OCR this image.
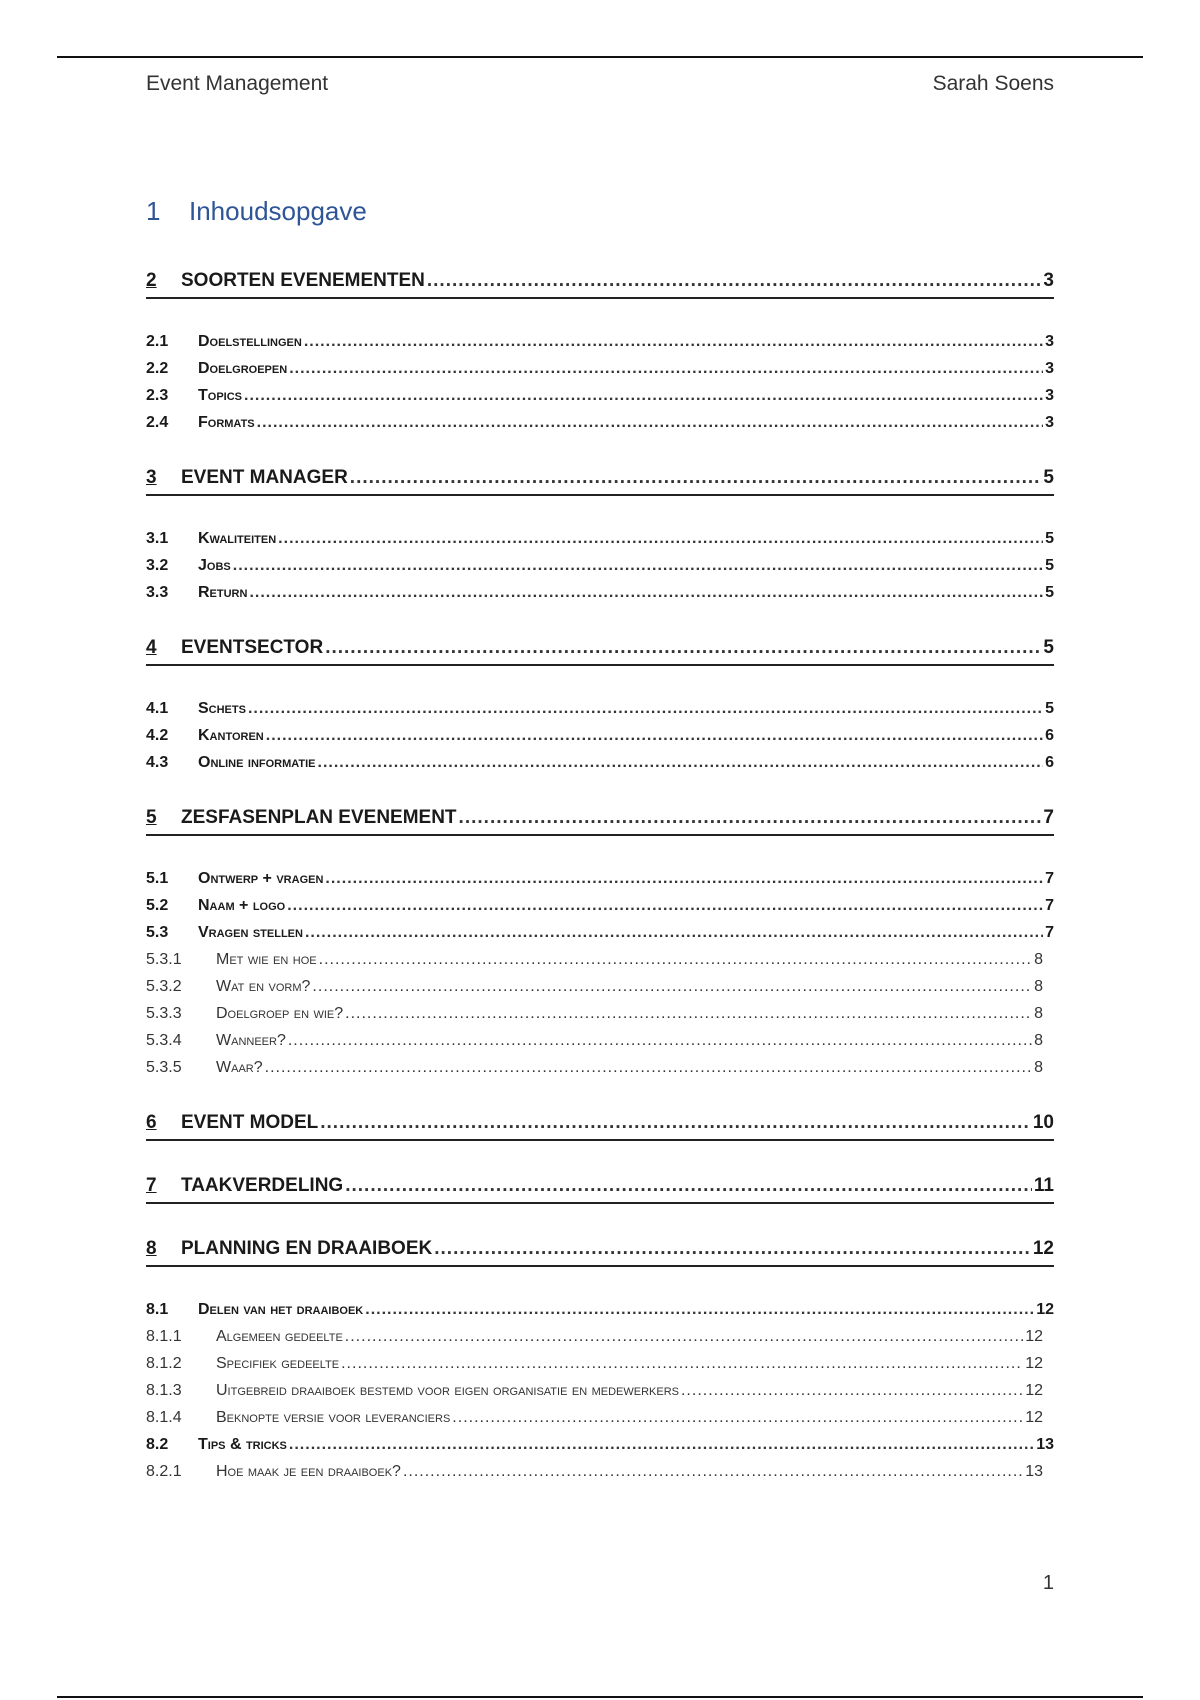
Event Management	Sarah Soens
1 Inhoudsopgave
2	SOORTEN EVENEMENTEN .....	3
2.1	Doelstellingen .....	3
2.2	Doelgroepen .....	3
2.3	Topics .....	3
2.4	Formats .....	3
3	EVENT MANAGER .....	5
3.1	Kwaliteiten .....	5
3.2	Jobs .....	5
3.3	Return .....	5
4	EVENTSECTOR .....	5
4.1	Schets .....	5
4.2	Kantoren .....	6
4.3	Online informatie .....	6
5	ZESFASENPLAN EVENEMENT .....	7
5.1	Ontwerp + vragen .....	7
5.2	Naam + logo .....	7
5.3	Vragen stellen .....	7
5.3.1	Met wie en hoe .....	8
5.3.2	Wat en vorm? .....	8
5.3.3	Doelgroep en wie? .....	8
5.3.4	Wanneer? .....	8
5.3.5	Waar? .....	8
6	EVENT MODEL .....	10
7	TAAKVERDELING .....	11
8	PLANNING EN DRAAIBOEK .....	12
8.1	Delen van het draaiboek .....	12
8.1.1	Algemeen gedeelte .....	12
8.1.2	Specifiek gedeelte .....	12
8.1.3	Uitgebreid draaiboek bestemd voor eigen organisatie en medewerkers .....	12
8.1.4	Beknopte versie voor leveranciers .....	12
8.2	Tips & tricks .....	13
8.2.1	Hoe maak je een draaiboek? .....	13
1
